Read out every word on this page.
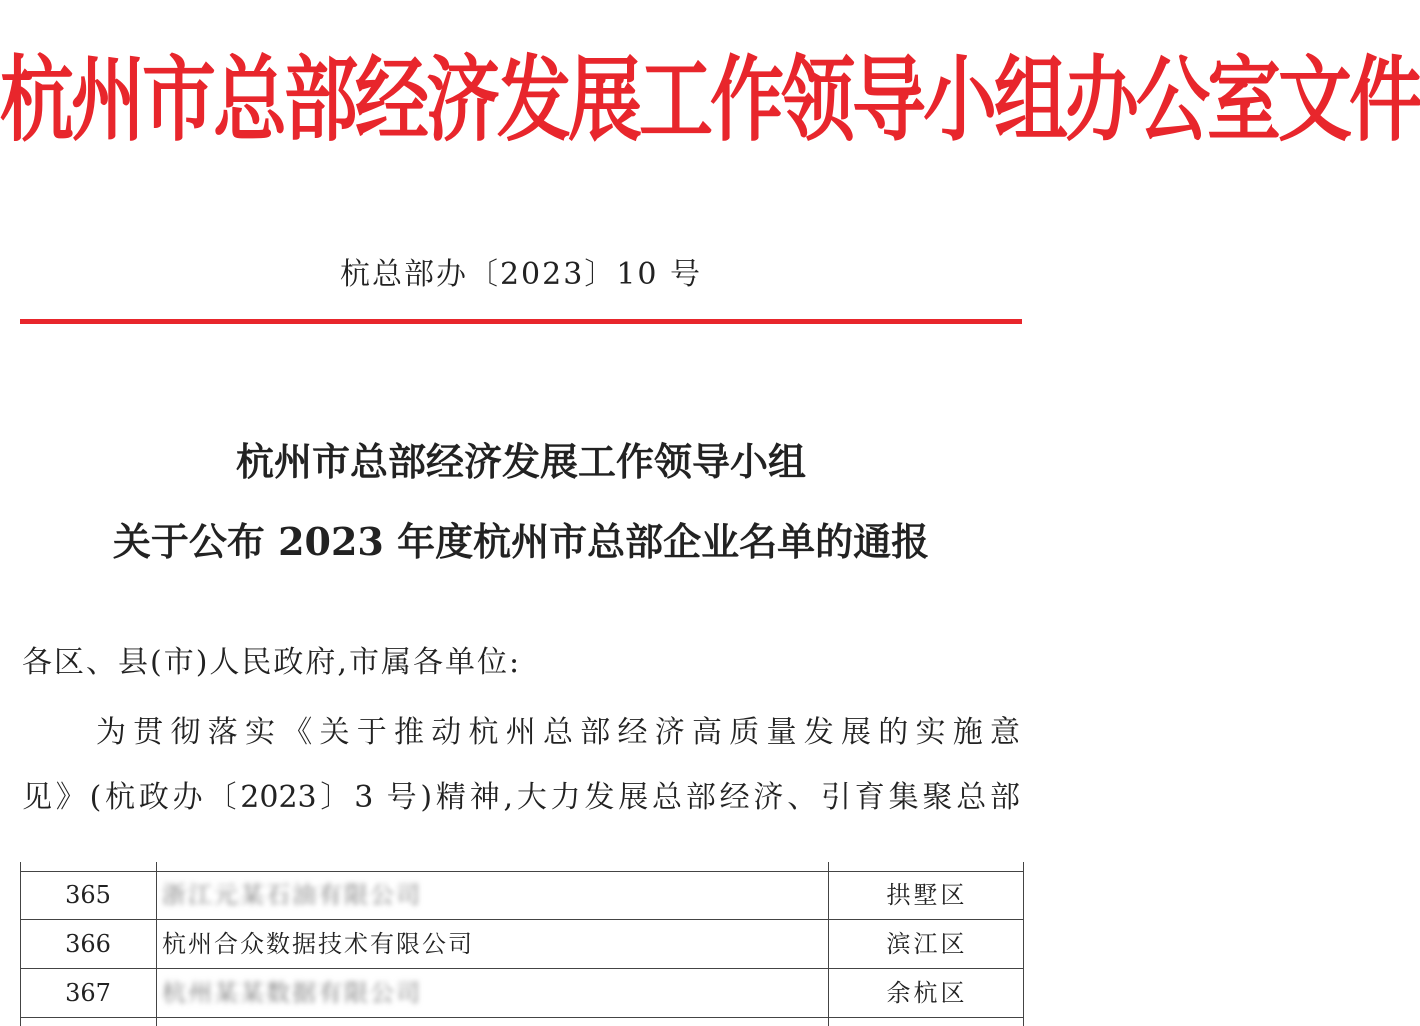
杭州市总部经济发展工作领导小组办公室文件
杭总部办〔2023〕10 号
杭州市总部经济发展工作领导小组
关于公布 2023 年度杭州市总部企业名单的通报
各区、县(市)人民政府,市属各单位:
为贯彻落实《关于推动杭州总部经济高质量发展的实施意
见》(杭政办〔2023〕3 号)精神,大力发展总部经济、引育集聚总部
365	浙江元某石油有限公司	拱墅区
366	杭州合众数据技术有限公司	滨江区
367	杭州某某数据有限公司	余杭区
